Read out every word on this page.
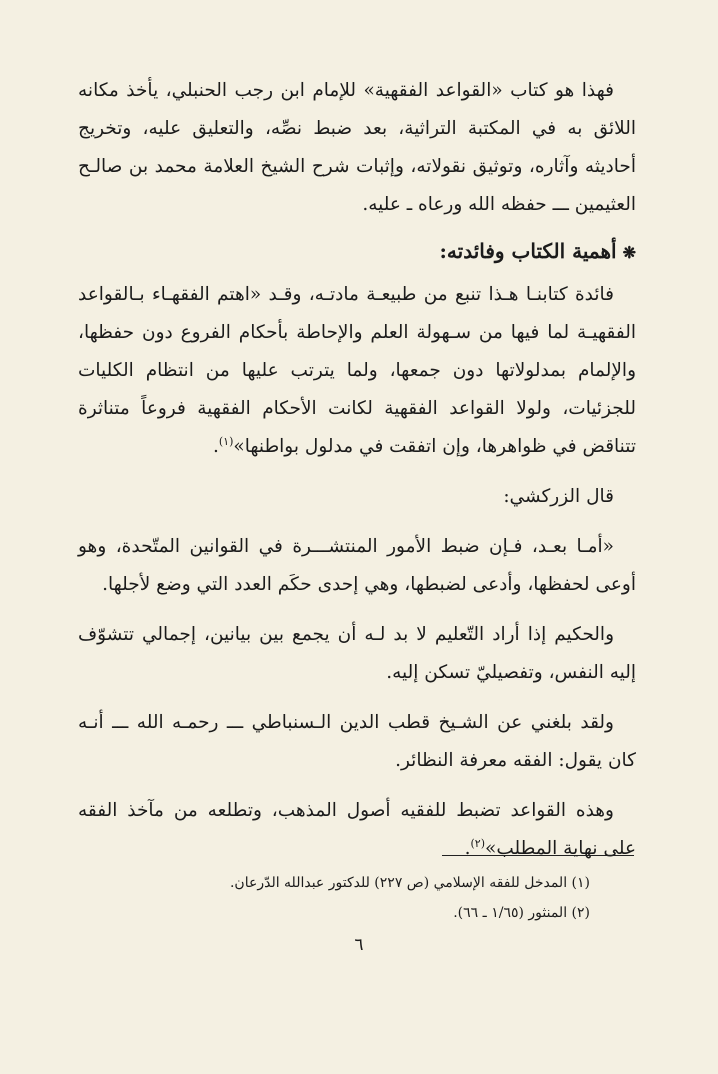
فهذا هو كتاب «القواعد الفقهية» للإمام ابن رجب الحنبلي، يأخذ مكانه اللائق به في المكتبة التراثية، بعد ضبط نصِّه، والتعليق عليه، وتخريج أحاديثه وآثاره، وتوثيق نقولاته، وإثبات شرح الشيخ العلامة محمد بن صالـح العثيمين ـــ حفظه الله ورعاه ـ عليه.

❋أهمية الكتاب وفائدته:

فائدة كتابنـا هـذا تنبع من طبيعـة مادتـه، وقـد «اهتم الفقهـاء بـالقواعد الفقهيـة لما فيها من سـهولة العلم والإحاطة بأحكام الفروع دون حفظها، والإلمام بمدلولاتها دون جمعها، ولما يترتب عليها من انتظام الكليات للجزئيات، ولولا القواعد الفقهية لكانت الأحكام الفقهية فروعاً متناثرة تتناقض في ظواهرها، وإن اتفقت في مدلول بواطنها»$^{(١)}$.

قال الزركشي:

«أمـا بعـد، فـإن ضبط الأمور المنتشـــرة في القوانين المتّحدة، وهو أوعى لحفظها، وأدعى لضبطها، وهي إحدى حكَم العدد التي وضع لأجلها.

والحكيم إذا أراد التّعليم لا بد لـه أن يجمع بين بيانين، إجمالي تتشوّف إليه النفس، وتفصيليّ تسكن إليه.

ولقد بلغني عن الشـيخ قطب الدين الـسنباطي ـــ رحمـه الله ـــ أنـه كان يقول: الفقه معرفة النظائر.

وهذه القواعد تضبط للفقيه أصول المذهب، وتطلعه من مآخذ الفقه على نهاية المطلب»$^{(٢)}$.

(١) المدخل للفقه الإسلامي (ص ٢٢٧) للدكتور عبدالله الدّرعان.

(٢) المنثور (١/٦٥ ـ ٦٦).

٦
